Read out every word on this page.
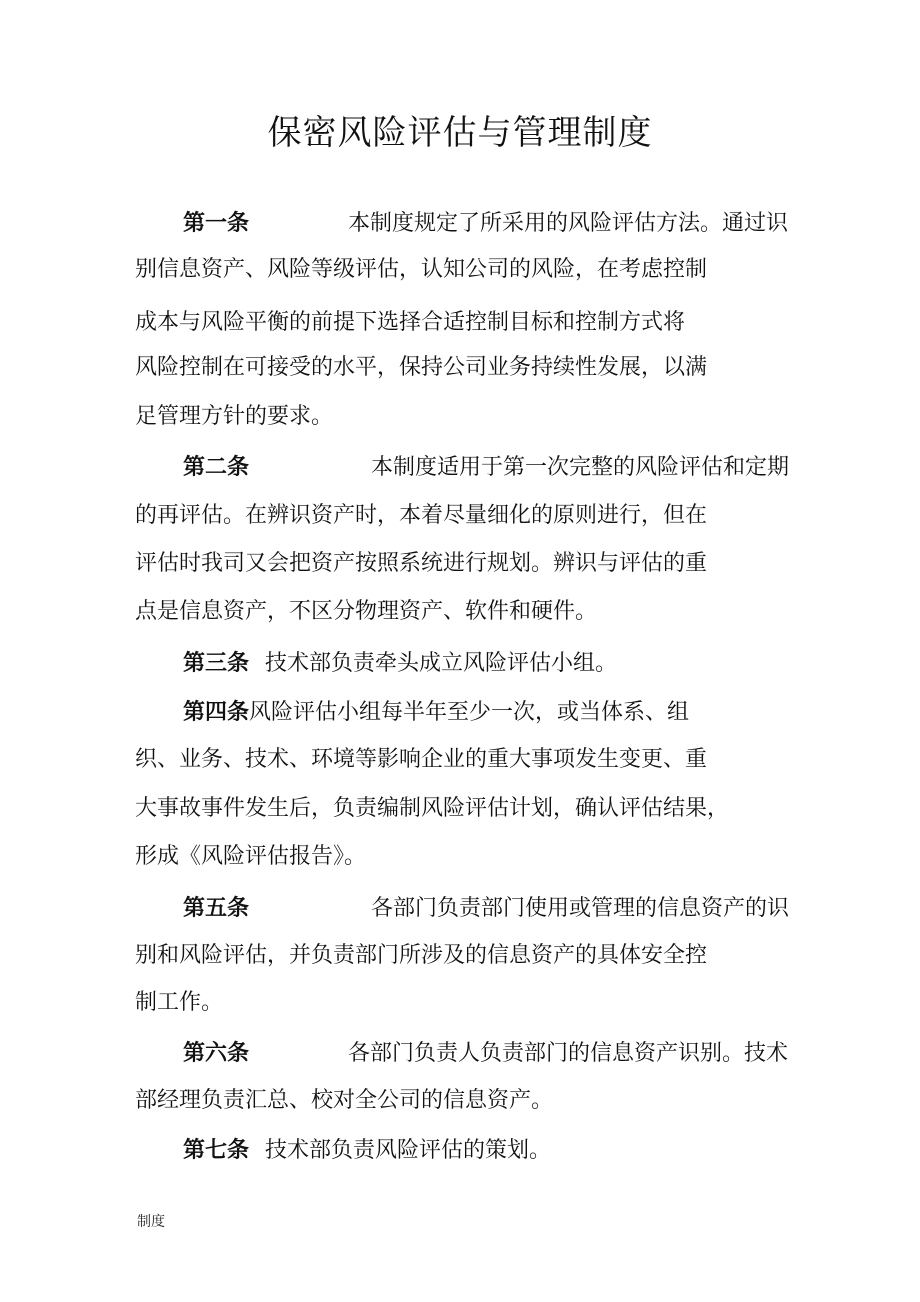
保密风险评估与管理制度
第一条	本制度规定了所采用的风险评估方法。通过识
别信息资产、风险等级评估，认知公司的风险，在考虑控制
成本与风险平衡的前提下选择合适控制目标和控制方式将
风险控制在可接受的水平，保持公司业务持续性发展，以满
足管理方针的要求。
第二条	本制度适用于第一次完整的风险评估和定期
的再评估。在辨识资产时，本着尽量细化的原则进行，但在
评估时我司又会把资产按照系统进行规划。辨识与评估的重
点是信息资产，不区分物理资产、软件和硬件。
第三条 技术部负责牵头成立风险评估小组。
第四条风险评估小组每半年至少一次，或当体系、组
织、业务、技术、环境等影响企业的重大事项发生变更、重
大事故事件发生后，负责编制风险评估计划，确认评估结果，
形成《风险评估报告》。
第五条	各部门负责部门使用或管理的信息资产的识
别和风险评估，并负责部门所涉及的信息资产的具体安全控
制工作。
第六条	各部门负责人负责部门的信息资产识别。技术
部经理负责汇总、校对全公司的信息资产。
第七条 技术部负责风险评估的策划。
制度
